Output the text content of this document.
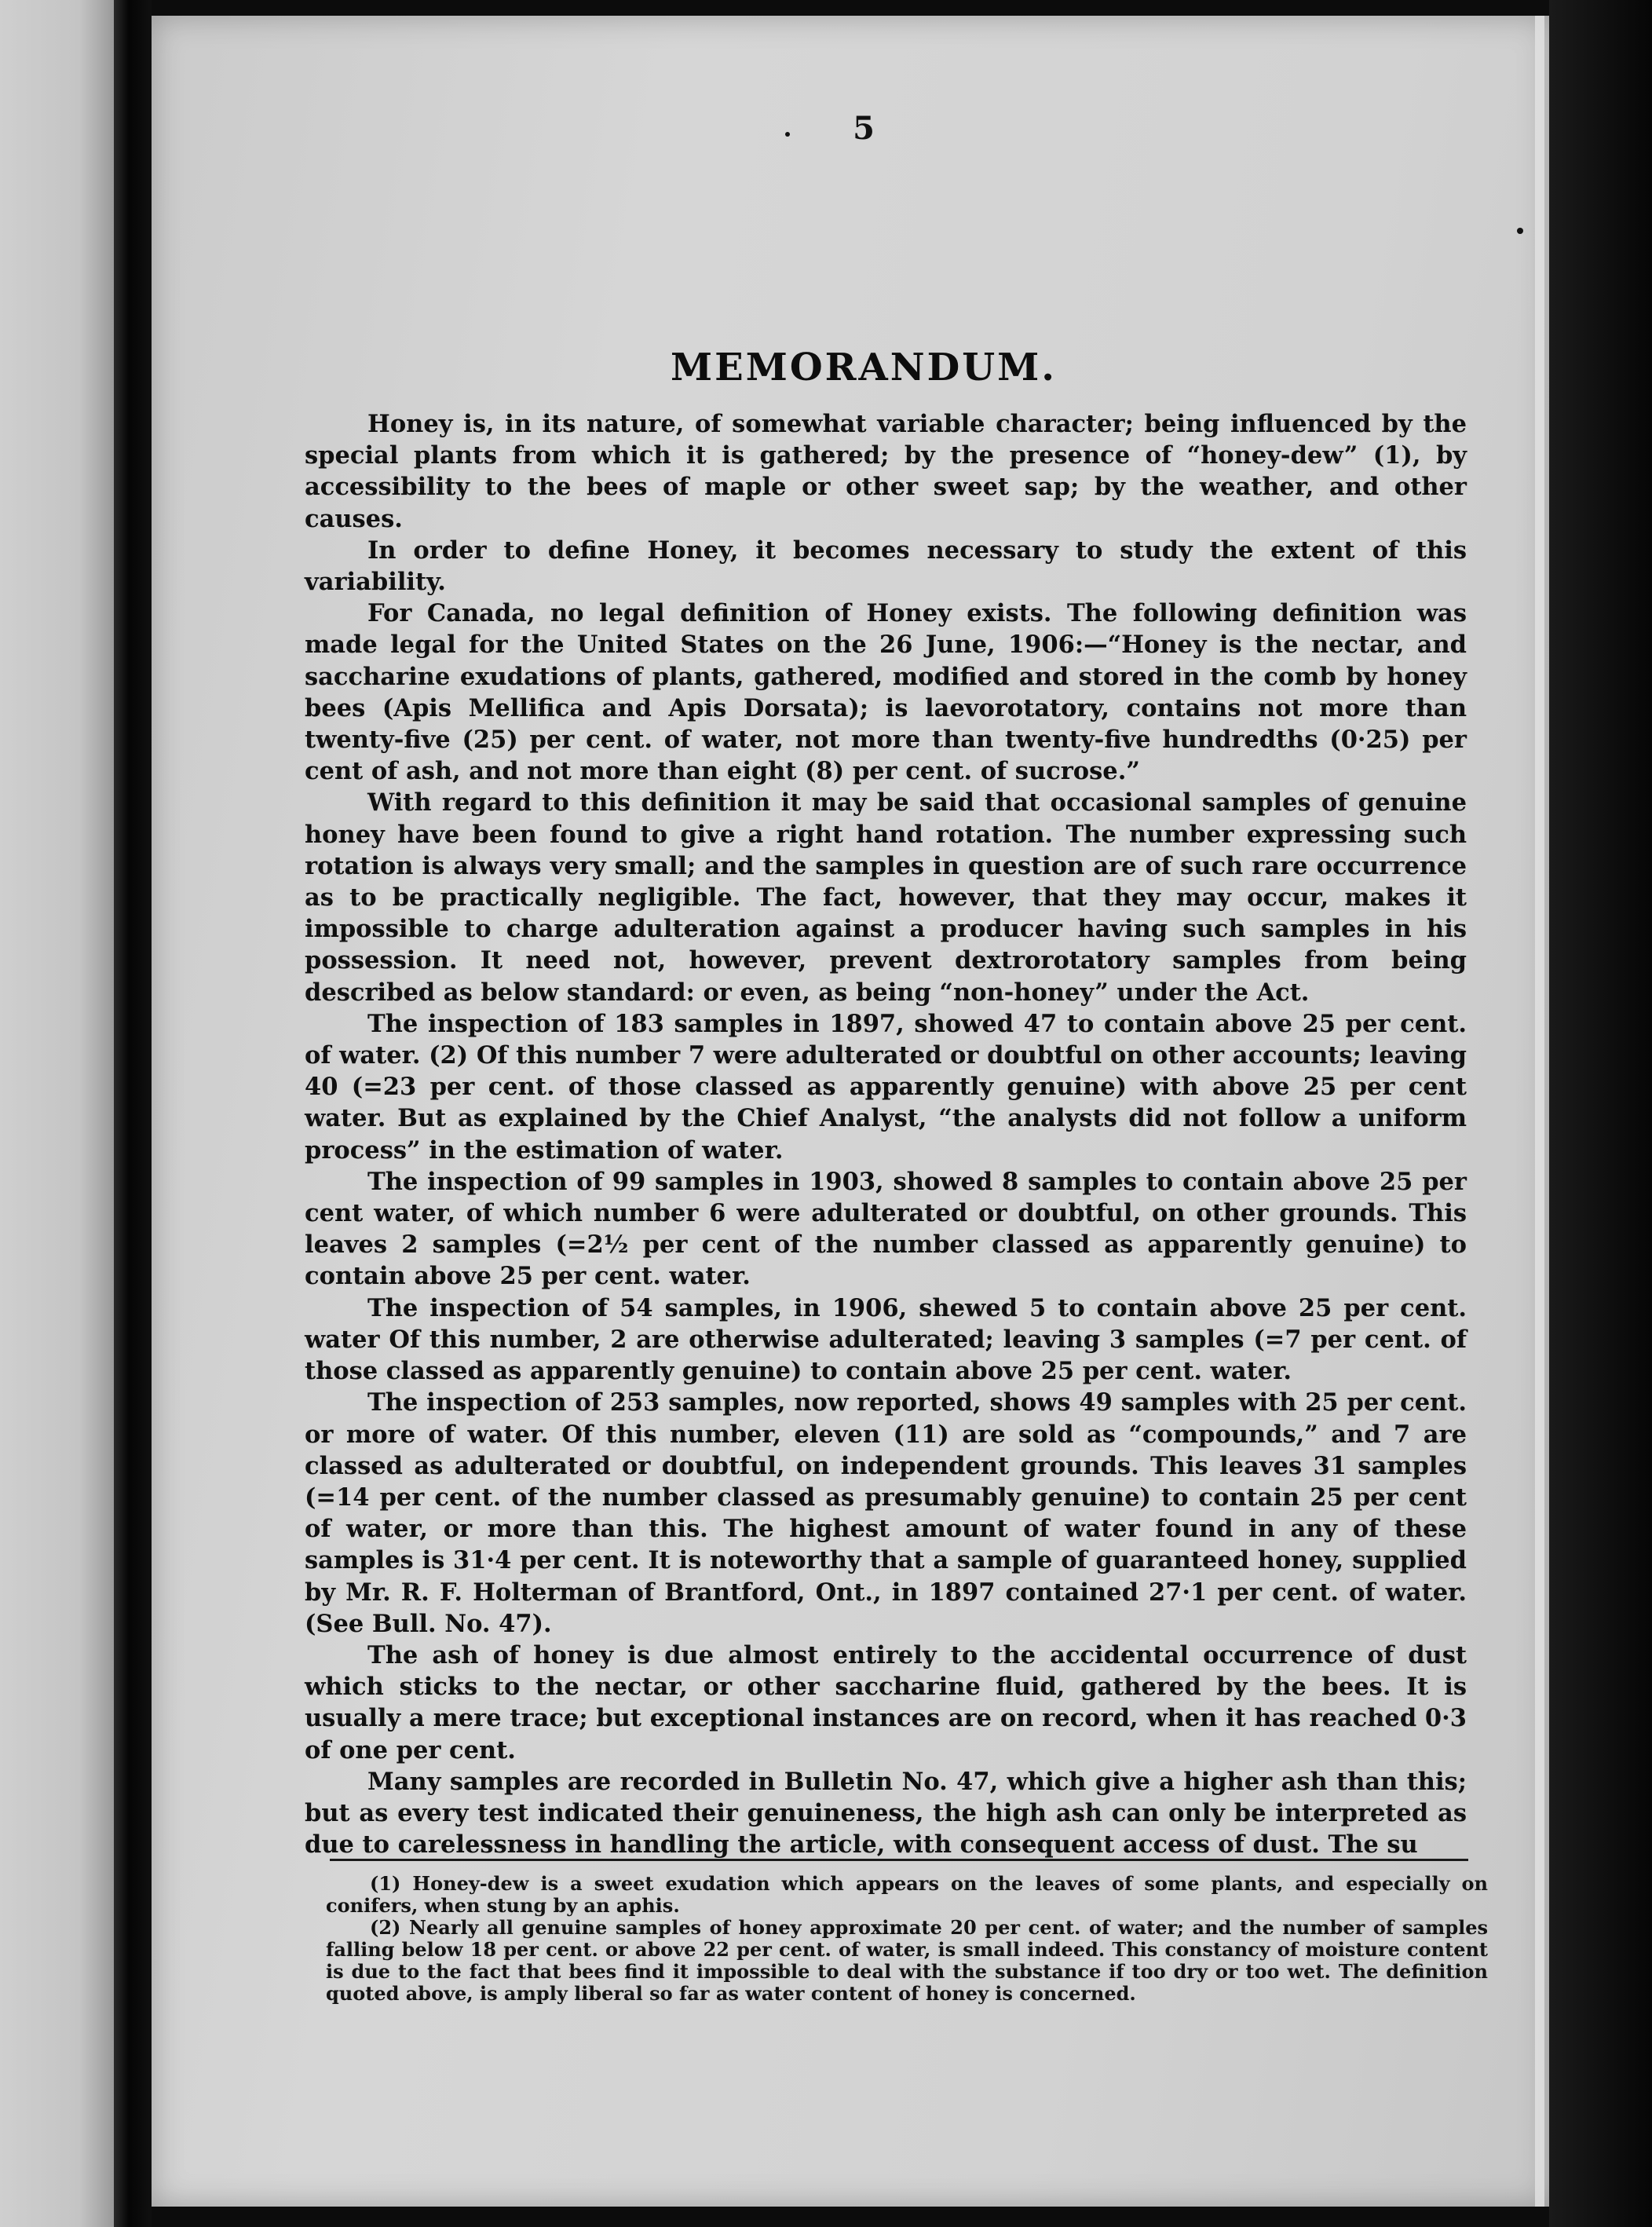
5
MEMORANDUM.

Honey is, in its nature, of somewhat variable character; being influenced by the special plants from which it is gathered; by the presence of “honey-dew” (1), by accessibility to the bees of maple or other sweet sap; by the weather, and other causes.

In order to define Honey, it becomes necessary to study the extent of this variability.

For Canada, no legal definition of Honey exists. The following definition was made legal for the United States on the 26 June, 1906:—“Honey is the nectar, and saccharine exudations of plants, gathered, modified and stored in the comb by honey bees (Apis Mellifica and Apis Dorsata); is laevorotatory, contains not more than twenty-five (25) per cent. of water, not more than twenty-five hundredths (0·25) per cent of ash, and not more than eight (8) per cent. of sucrose.”

With regard to this definition it may be said that occasional samples of genuine honey have been found to give a right hand rotation. The number expressing such rotation is always very small; and the samples in question are of such rare occurrence as to be practically negligible. The fact, however, that they may occur, makes it impossible to charge adulteration against a producer having such samples in his possession. It need not, however, prevent dextrorotatory samples from being described as below standard: or even, as being “non-honey” under the Act.

The inspection of 183 samples in 1897, showed 47 to contain above 25 per cent. of water. (2) Of this number 7 were adulterated or doubtful on other accounts; leaving 40 (=23 per cent. of those classed as apparently genuine) with above 25 per cent water. But as explained by the Chief Analyst, “the analysts did not follow a uniform process” in the estimation of water.

The inspection of 99 samples in 1903, showed 8 samples to contain above 25 per cent water, of which number 6 were adulterated or doubtful, on other grounds. This leaves 2 samples (=2½ per cent of the number classed as apparently genuine) to contain above 25 per cent. water.

The inspection of 54 samples, in 1906, shewed 5 to contain above 25 per cent. water Of this number, 2 are otherwise adulterated; leaving 3 samples (=7 per cent. of those classed as apparently genuine) to contain above 25 per cent. water.

The inspection of 253 samples, now reported, shows 49 samples with 25 per cent. or more of water. Of this number, eleven (11) are sold as “compounds,” and 7 are classed as adulterated or doubtful, on independent grounds. This leaves 31 samples (=14 per cent. of the number classed as presumably genuine) to contain 25 per cent of water, or more than this. The highest amount of water found in any of these samples is 31·4 per cent. It is noteworthy that a sample of guaranteed honey, supplied by Mr. R. F. Holterman of Brantford, Ont., in 1897 contained 27·1 per cent. of water. (See Bull. No. 47).

The ash of honey is due almost entirely to the accidental occurrence of dust which sticks to the nectar, or other saccharine fluid, gathered by the bees. It is usually a mere trace; but exceptional instances are on record, when it has reached 0·3 of one per cent.

Many samples are recorded in Bulletin No. 47, which give a higher ash than this; but as every test indicated their genuineness, the high ash can only be interpreted as due to carelessness in handling the article, with consequent access of dust. The su

(1) Honey-dew is a sweet exudation which appears on the leaves of some plants, and especially on conifers, when stung by an aphis.

(2) Nearly all genuine samples of honey approximate 20 per cent. of water; and the number of samples falling below 18 per cent. or above 22 per cent. of water, is small indeed. This constancy of moisture content is due to the fact that bees find it impossible to deal with the substance if too dry or too wet. The definition quoted above, is amply liberal so far as water content of honey is concerned.
